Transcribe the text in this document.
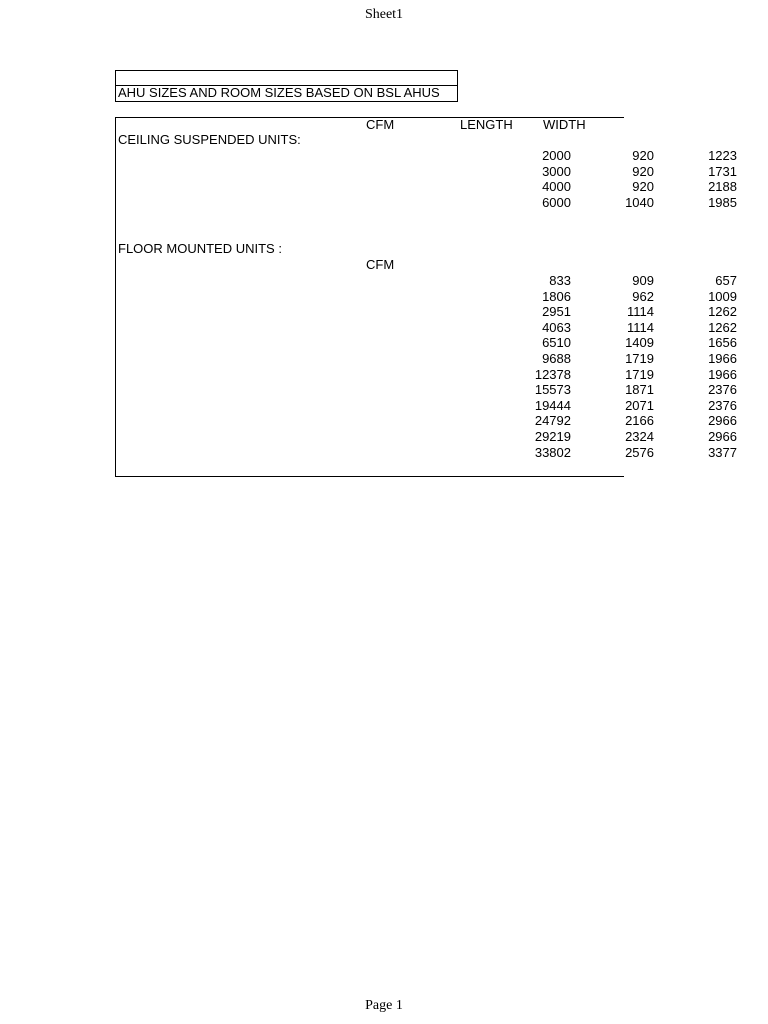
Sheet1
AHU SIZES AND ROOM SIZES BASED ON BSL AHUS
CFM	LENGTH WIDTH
CEILING SUSPENDED UNITS:
FLOOR MOUNTED UNITS :
CFM
2000	920	1223
3000	920	1731
4000	920	2188
6000	1040	1985
833	909	657
1806	962	1009
2951	1114	1262
4063	1114	1262
6510	1409	1656
9688	1719	1966
12378	1719	1966
15573	1871	2376
19444	2071	2376
24792	2166	2966
29219	2324	2966
33802	2576	3377
Page 1
